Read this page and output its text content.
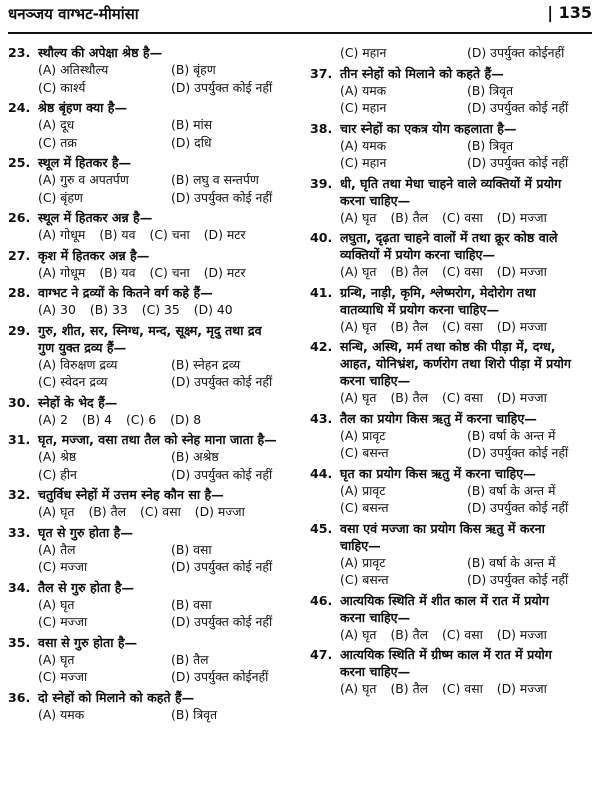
धनञ्जय वाग्भट-मीमांसा	| 135
23. स्थौल्य की अपेक्षा श्रेष्ठ है—
(A) अतिस्थौल्य	(B) बृंहण
(C) कार्श्य	(D) उपर्युक्त कोई नहीं
24. श्रेष्ठ बृंहण क्या है—
(A) दूध	(B) मांस
(C) तक्र	(D) दधि
25. स्थूल में हितकर है—
(A) गुरु व अपतर्पण	(B) लघु व सन्तर्पण
(C) बृंहण	(D) उपर्युक्त कोई नहीं
26. स्थूल में हितकर अन्न है—
(A) गोधूम (B) यव (C) चना (D) मटर
27. कृश में हितकर अन्न है—
(A) गोधूम (B) यव (C) चना (D) मटर
28. वाग्भट ने द्रव्यों के कितने वर्ग कहे हैं—
(A) 30 (B) 33 (C) 35 (D) 40
29. गुरु, शीत, सर, स्निग्ध, मन्द, सूक्ष्म, मृदु तथा द्रव
गुण युक्त द्रव्य हैं—
(A) विरुक्षण द्रव्य	(B) स्नेहन द्रव्य
(C) स्वेदन द्रव्य	(D) उपर्युक्त कोई नहीं
30. स्नेहों के भेद हैं—
(A) 2 (B) 4 (C) 6 (D) 8
31. घृत, मज्जा, वसा तथा तैल को स्नेह माना जाता है—
(A) श्रेष्ठ	(B) अश्रेष्ठ
(C) हीन	(D) उपर्युक्त कोई नहीं
32. चतुर्विध स्नेहों में उत्तम स्नेह कौन सा है—
(A) घृत (B) तैल (C) वसा (D) मज्जा
33. घृत से गुरु होता है—
(A) तैल	(B) वसा
(C) मज्जा	(D) उपर्युक्त कोई नहीं
34. तैल से गुरु होता है—
(A) घृत	(B) वसा
(C) मज्जा	(D) उपर्युक्त कोई नहीं
35. वसा से गुरु होता है—
(A) घृत	(B) तैल
(C) मज्जा	(D) उपर्युक्त कोईनहीं
36. दो स्नेहों को मिलाने को कहते हैं—
(A) यमक	(B) त्रिवृत
(C) महान	(D) उपर्युक्त कोईनहीं
37. तीन स्नेहों को मिलाने को कहते हैं—
(A) यमक	(B) त्रिवृत
(C) महान	(D) उपर्युक्त कोई नहीं
38. चार स्नेहों का एकत्र योग कहलाता है—
(A) यमक	(B) त्रिवृत
(C) महान	(D) उपर्युक्त कोई नहीं
39. धी, घृति तथा मेधा चाहने वाले व्यक्तियों में प्रयोग
करना चाहिए—
(A) घृत (B) तैल (C) वसा (D) मज्जा
40. लघुता, दृढ़ता चाहने वालों में तथा क्रूर कोष्ठ वाले
व्यक्तियों में प्रयोग करना चाहिए—
(A) घृत (B) तैल (C) वसा (D) मज्जा
41. ग्रन्थि, नाड़ी, कृमि, श्लेष्मरोग, मेदोरोग तथा
वातव्याधि में प्रयोग करना चाहिए—
(A) घृत (B) तैल (C) वसा (D) मज्जा
42. सन्धि, अस्थि, मर्म तथा कोष्ठ की पीड़ा में, दग्ध,
आहत, योनिभ्रंश, कर्णरोग तथा शिरो पीड़ा में प्रयोग
करना चाहिए—
(A) घृत (B) तैल (C) वसा (D) मज्जा
43. तैल का प्रयोग किस ऋतु में करना चाहिए—
(A) प्रावृट	(B) वर्षा के अन्त में
(C) बसन्त	(D) उपर्युक्त कोई नहीं
44. घृत का प्रयोग किस ऋतु में करना चाहिए—
(A) प्रावृट	(B) वर्षा के अन्त में
(C) बसन्त	(D) उपर्युक्त कोई नहीं
45. वसा एवं मज्जा का प्रयोग किस ऋतु में करना
चाहिए—
(A) प्रावृट	(B) वर्षा के अन्त में
(C) बसन्त	(D) उपर्युक्त कोई नहीं
46. आत्ययिक स्थिति में शीत काल में रात में प्रयोग
करना चाहिए—
(A) घृत (B) तैल (C) वसा (D) मज्जा
47. आत्ययिक स्थिति में ग्रीष्म काल में रात में प्रयोग
करना चाहिए—
(A) घृत (B) तैल (C) वसा (D) मज्जा
